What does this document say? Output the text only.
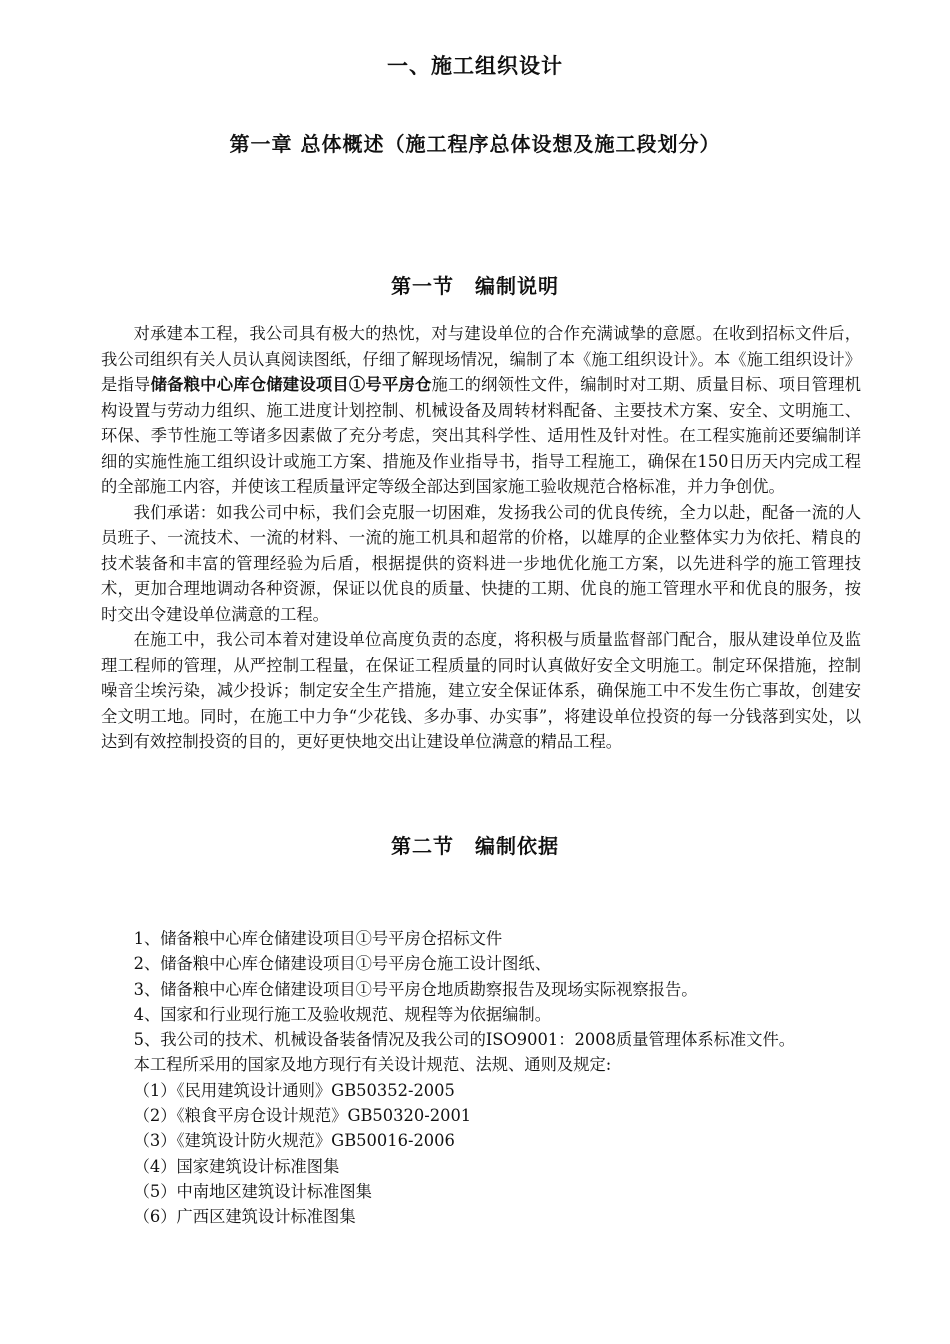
一、施工组织设计
第一章 总体概述（施工程序总体设想及施工段划分）
第一节　编制说明

对承建本工程，我公司具有极大的热忱，对与建设单位的合作充满诚挚的意愿。在收到招标文件后，我公司组织有关人员认真阅读图纸，仔细了解现场情况，编制了本《施工组织设计》。本《施工组织设计》是指导储备粮中心库仓储建设项目①号平房仓施工的纲领性文件，编制时对工期、质量目标、项目管理机构设置与劳动力组织、施工进度计划控制、机械设备及周转材料配备、主要技术方案、安全、文明施工、环保、季节性施工等诸多因素做了充分考虑，突出其科学性、适用性及针对性。在工程实施前还要编制详细的实施性施工组织设计或施工方案、措施及作业指导书，指导工程施工，确保在150日历天内完成工程的全部施工内容，并使该工程质量评定等级全部达到国家施工验收规范合格标准，并力争创优。

我们承诺：如我公司中标，我们会克服一切困难，发扬我公司的优良传统，全力以赴，配备一流的人员班子、一流技术、一流的材料、一流的施工机具和超常的价格，以雄厚的企业整体实力为依托、精良的技术装备和丰富的管理经验为后盾，根据提供的资料进一步地优化施工方案，以先进科学的施工管理技术，更加合理地调动各种资源，保证以优良的质量、快捷的工期、优良的施工管理水平和优良的服务，按时交出令建设单位满意的工程。

在施工中，我公司本着对建设单位高度负责的态度，将积极与质量监督部门配合，服从建设单位及监理工程师的管理，从严控制工程量，在保证工程质量的同时认真做好安全文明施工。制定环保措施，控制噪音尘埃污染，减少投诉；制定安全生产措施，建立安全保证体系，确保施工中不发生伤亡事故，创建安全文明工地。同时，在施工中力争“少花钱、多办事、办实事”，将建设单位投资的每一分钱落到实处，以达到有效控制投资的目的，更好更快地交出让建设单位满意的精品工程。

第二节　编制依据

1、储备粮中心库仓储建设项目①号平房仓招标文件

2、储备粮中心库仓储建设项目①号平房仓施工设计图纸、

3、储备粮中心库仓储建设项目①号平房仓地质勘察报告及现场实际视察报告。

4、国家和行业现行施工及验收规范、规程等为依据编制。

5、我公司的技术、机械设备装备情况及我公司的ISO9001：2008质量管理体系标准文件。

本工程所采用的国家及地方现行有关设计规范、法规、通则及规定:

（1）《民用建筑设计通则》GB50352-2005

（2）《粮食平房仓设计规范》GB50320-2001

（3）《建筑设计防火规范》GB50016-2006

（4）国家建筑设计标准图集

（5）中南地区建筑设计标准图集

（6）广西区建筑设计标准图集
